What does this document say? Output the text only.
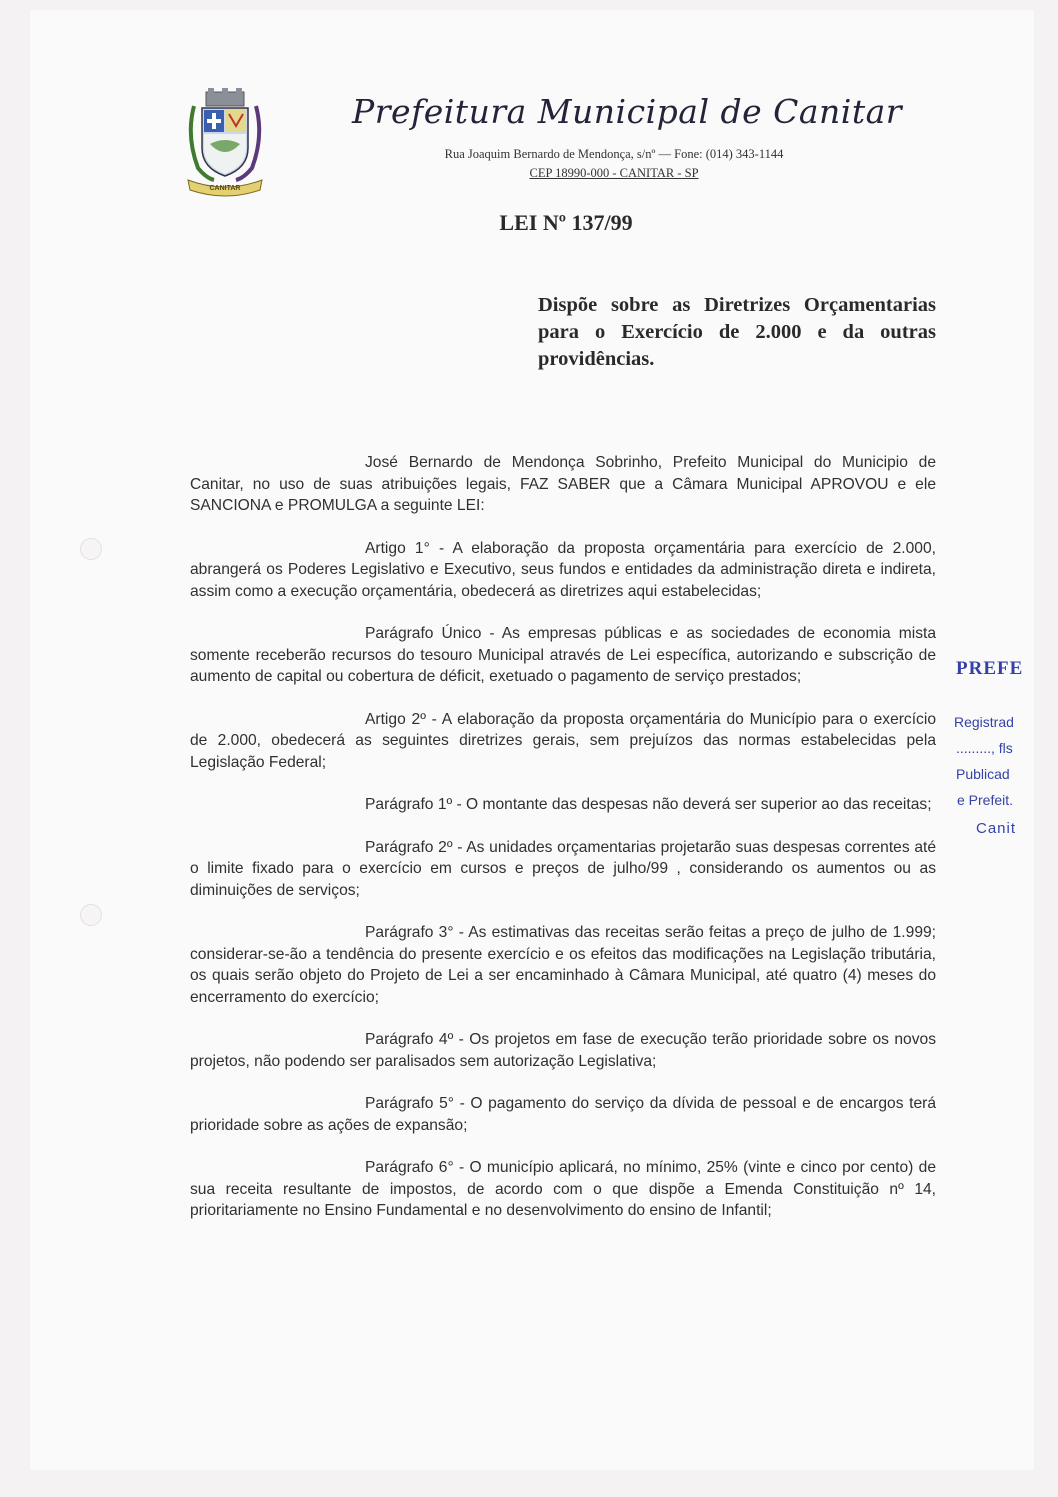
CANITAR
Prefeitura Municipal de Canitar
Rua Joaquim Bernardo de Mendonça, s/nº — Fone: (014) 343-1144
CEP 18990-000 - CANITAR - SP
LEI Nº 137/99
Dispõe sobre as Diretrizes Orçamentarias para o Exercício de 2.000 e da outras providências.

José Bernardo de Mendonça Sobrinho, Prefeito Municipal do Municipio de Canitar, no uso de suas atribuições legais, FAZ SABER que a Câmara Municipal APROVOU e ele SANCIONA e PROMULGA a seguinte LEI:

Artigo 1° - A elaboração da proposta orçamentária para exercício de 2.000, abrangerá os Poderes Legislativo e Executivo, seus fundos e entidades da administração direta e indireta, assim como a execução orçamentária, obedecerá as diretrizes aqui estabelecidas;

Parágrafo Único - As empresas públicas e as sociedades de economia mista somente receberão recursos do tesouro Municipal através de Lei específica, autorizando e subscrição de aumento de capital ou cobertura de déficit, exetuado o pagamento de serviço prestados;

Artigo 2º - A elaboração da proposta orçamentária do Município para o exercício de 2.000, obedecerá as seguintes diretrizes gerais, sem prejuízos das normas estabelecidas pela Legislação Federal;

Parágrafo 1º - O montante das despesas não deverá ser superior ao das receitas;

Parágrafo 2º - As unidades orçamentarias projetarão suas despesas correntes até o limite fixado para o exercício em cursos e preços de julho/99 , considerando os aumentos ou as diminuições de serviços;

Parágrafo 3° - As estimativas das receitas serão feitas a preço de julho de 1.999; considerar-se-ão a tendência do presente exercício e os efeitos das modificações na Legislação tributária, os quais serão objeto do Projeto de Lei a ser encaminhado à Câmara Municipal, até quatro (4) meses do encerramento do exercício;

Parágrafo 4º - Os projetos em fase de execução terão prioridade sobre os novos projetos, não podendo ser paralisados sem autorização Legislativa;

Parágrafo 5° - O pagamento do serviço da dívida de pessoal e de encargos terá prioridade sobre as ações de expansão;

Parágrafo 6° - O município aplicará, no mínimo, 25% (vinte e cinco por cento) de sua receita resultante de impostos, de acordo com o que dispõe a Emenda Constituição nº 14, prioritariamente no Ensino Fundamental e no desenvolvimento do ensino de Infantil;

PREFE
Registrad
........., fls
Publicad
e Prefeit.
Canit
